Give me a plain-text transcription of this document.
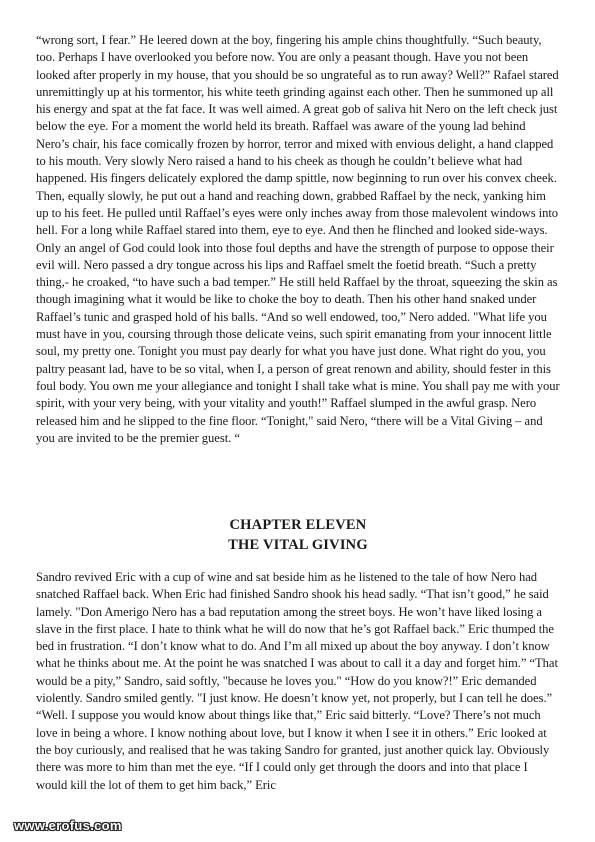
“wrong sort, I fear.” He leered down at the boy, fingering his ample chins thoughtfully. “Such beauty, too. Perhaps I have overlooked you before now. You are only a peasant though. Have you not been looked after properly in my house, that you should be so ungrateful as to run away? Well?” Rafael stared unremittingly up at his tormentor, his white teeth grinding against each other. Then he summoned up all his energy and spat at the fat face. It was well aimed. A great gob of saliva hit Nero on the left check just below the eye. For a moment the world held its breath. Raffael was aware of the young lad behind Nero’s chair, his face comically frozen by horror, terror and mixed with envious delight, a hand clapped to his mouth. Very slowly Nero raised a hand to his cheek as though he couldn’t believe what had happened. His fingers delicately explored the damp spittle, now beginning to run over his convex cheek. Then, equally slowly, he put out a hand and reaching down, grabbed Raffael by the neck, yanking him up to his feet. He pulled until Raffael’s eyes were only inches away from those malevolent windows into hell. For a long while Raffael stared into them, eye to eye. And then he flinched and looked side-ways. Only an angel of God could look into those foul depths and have the strength of purpose to oppose their evil will. Nero passed a dry tongue across his lips and Raffael smelt the foetid breath. “Such a pretty thing,- he croaked, “to have such a bad temper.” He still held Raffael by the throat, squeezing the skin as though imagining what it would be like to choke the boy to death. Then his other hand snaked under Raffael’s tunic and grasped hold of his balls. “And so well endowed, too,” Nero added. "What life you must have in you, coursing through those delicate veins, such spirit emanating from your innocent little soul, my pretty one. Tonight you must pay dearly for what you have just done. What right do you, you paltry peasant lad, have to be so vital, when I, a person of great renown and ability, should fester in this foul body. You own me your allegiance and tonight I shall take what is mine. You shall pay me with your spirit, with your very being, with your vitality and youth!” Raffael slumped in the awful grasp. Nero released him and he slipped to the fine floor. “Tonight," said Nero, “there will be a Vital Giving – and you are invited to be the premier guest. “

CHAPTER ELEVEN

THE VITAL GIVING

Sandro revived Eric with a cup of wine and sat beside him as he listened to the tale of how Nero had snatched Raffael back. When Eric had finished Sandro shook his head sadly. “That isn’t good,” he said lamely. "Don Amerigo Nero has a bad reputation among the street boys. He won’t have liked losing a slave in the first place. I hate to think what he will do now that he’s got Raffael back.” Eric thumped the bed in frustration. “I don’t know what to do. And I’m all mixed up about the boy anyway. I don’t know what he thinks about me. At the point he was snatched I was about to call it a day and forget him.” “That would be a pity,” Sandro, said softly, "because he loves you." “How do you know?!” Eric demanded violently. Sandro smiled gently. "I just know. He doesn’t know yet, not properly, but I can tell he does.” “Well. I suppose you would know about things like that,” Eric said bitterly. “Love? There’s not much love in being a whore. I know nothing about love, but I know it when I see it in others.” Eric looked at the boy curiously, and realised that he was taking Sandro for granted, just another quick lay. Obviously there was more to him than met the eye. “If I could only get through the doors and into that place I would kill the lot of them to get him back,” Eric

www.erofus.com
